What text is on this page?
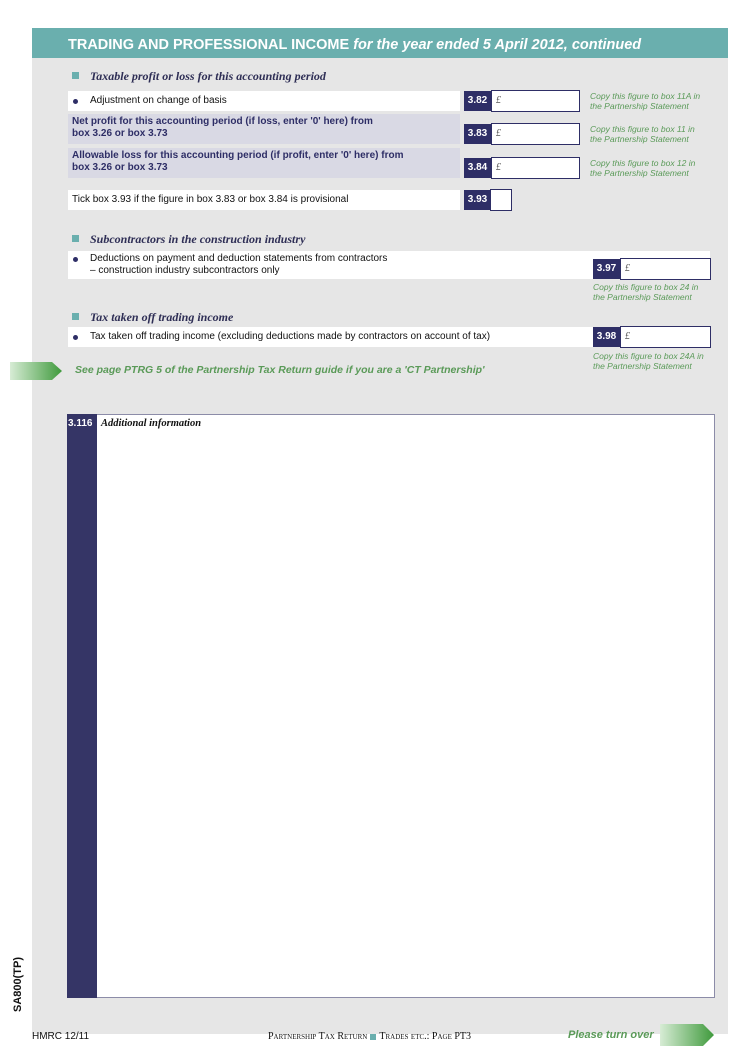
TRADING AND PROFESSIONAL INCOME for the year ended 5 April 2012, continued
Taxable profit or loss for this accounting period
Adjustment on change of basis	3.82 £	Copy this figure to box 11A in
the Partnership Statement
Net profit for this accounting period (if loss, enter '0' here) from
box 3.26 or box 3.73	3.83 £	Copy this figure to box 11 in
the Partnership Statement
Allowable loss for this accounting period (if profit, enter '0' here) from
box 3.26 or box 3.73	3.84 £	Copy this figure to box 12 in
the Partnership Statement
Tick box 3.93 if the figure in box 3.83 or box 3.84 is provisional	3.93
Subcontractors in the construction industry
Deductions on payment and deduction statements from contractors
– construction industry subcontractors only	3.97 £
Copy this figure to box 24 in
the Partnership Statement
Tax taken off trading income
Tax taken off trading income (excluding deductions made by contractors on account of tax)	3.98 £
Copy this figure to box 24A in
the Partnership Statement
See page PTRG 5 of the Partnership Tax Return guide if you are a 'CT Partnership'
3.116 Additional information
SA800(TP)
HMRC 12/11	Partnership Tax Return Trades etc.: Page PT3	Please turn over
